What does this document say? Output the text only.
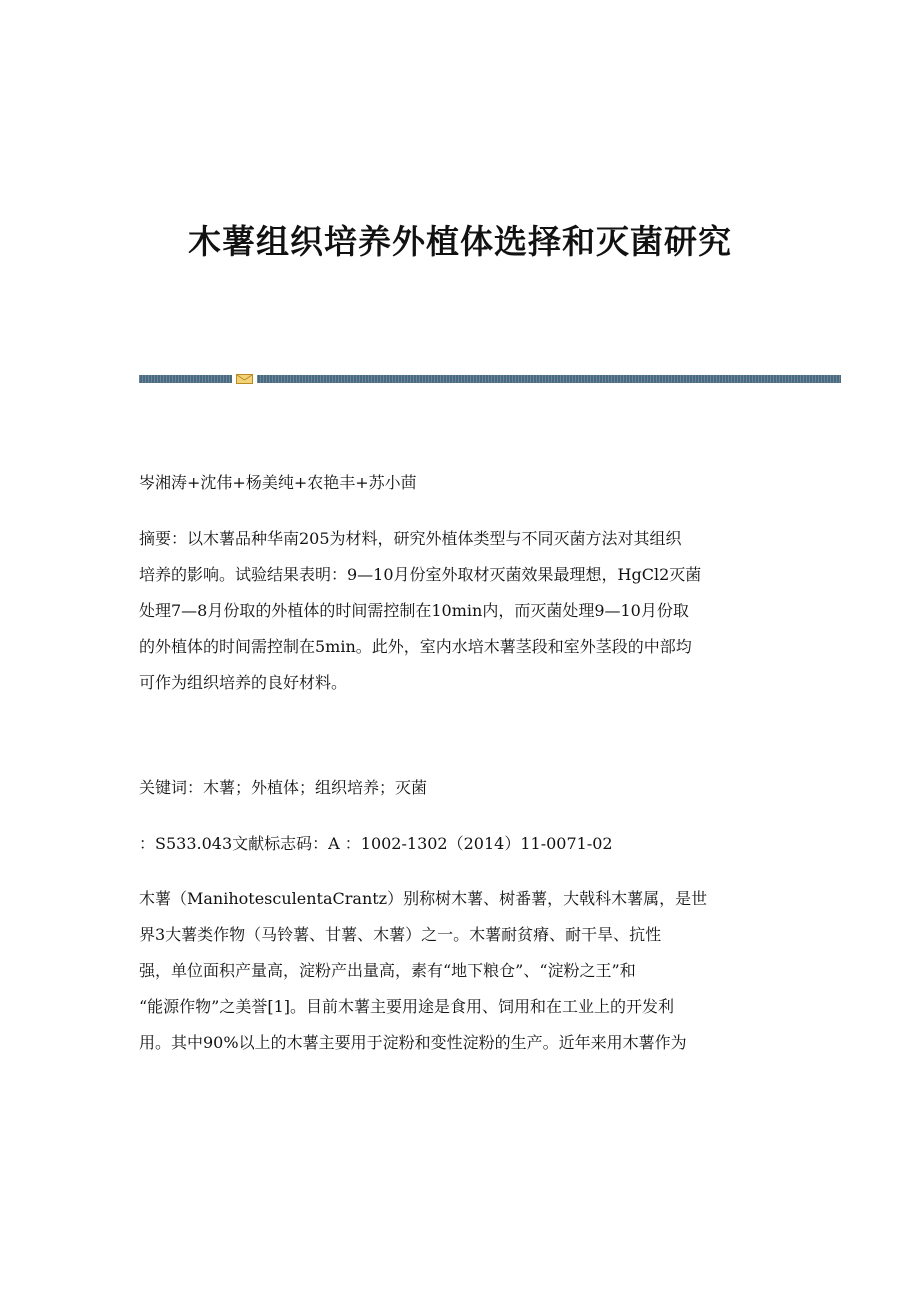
木薯组织培养外植体选择和灭菌研究

岑湘涛+沈伟+杨美纯+农艳丰+苏小茴

摘要：以木薯品种华南205为材料，研究外植体类型与不同灭菌方法对其组织
培养的影响。试验结果表明：9—10月份室外取材灭菌效果最理想，HgCl2灭菌
处理7—8月份取的外植体的时间需控制在10min内，而灭菌处理9—10月份取
的外植体的时间需控制在5min。此外，室内水培木薯茎段和室外茎段的中部均
可作为组织培养的良好材料。

关键词：木薯；外植体；组织培养；灭菌

：S533.043文献标志码：A ：1002-1302（2014）11-0071-02

木薯（ManihotesculentaCrantz）别称树木薯、树番薯，大戟科木薯属，是世
界3大薯类作物（马铃薯、甘薯、木薯）之一。木薯耐贫瘠、耐干旱、抗性
强，单位面积产量高，淀粉产出量高，素有“地下粮仓”、“淀粉之王”和
“能源作物”之美誉[1]。目前木薯主要用途是食用、饲用和在工业上的开发利
用。其中90%以上的木薯主要用于淀粉和变性淀粉的生产。近年来用木薯作为
